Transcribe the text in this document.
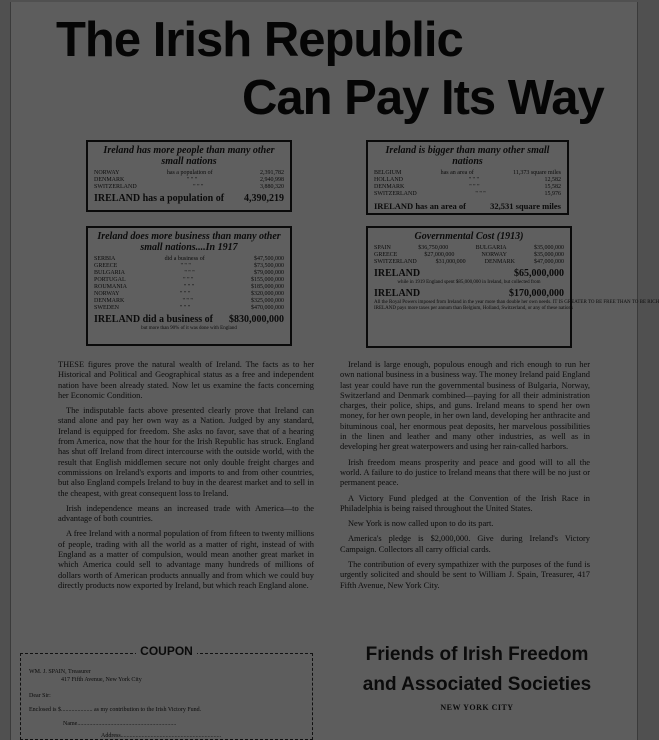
The Irish Republic
Can Pay Its Way
Ireland has more people than many other small nations
NORWAY	has a population of	2,391,782
DENMARK	" " "	2,940,998
SWITZERLAND	" " "	3,880,320
IRELAND has a population of 4,390,219
Ireland is bigger than many other small nations
BELGIUM	has an area of	11,373 square miles
HOLLAND	" " "	12,582
DENMARK	" " "	15,582
SWITZERLAND	" " "	15,976
IRELAND has an area of	32,531 square miles
Ireland does more business than many other small nations....In 1917
SERBIA	did a business of	$47,500,000
GREECE	" " "	$73,500,000
BULGARIA	" " "	$79,000,000
PORTUGAL	" " "	$155,000,000
ROUMANIA	" " "	$185,000,000
NORWAY	" " "	$320,000,000
DENMARK	" " "	$325,000,000
SWEDEN	" " "	$470,000,000
IRELAND did a business of $830,000,000
but more than 90% of it was done with England
Governmental Cost (1913)
SPAIN	$36,750,000	BULGARIA	$35,000,000
GREECE	$27,000,000	NORWAY	$35,000,000
SWITZERLAND	$31,000,000	DENMARK	$47,000,000
IRELAND	$65,000,000
while in 1919 England spent $85,000,000 in Ireland, but collected from
IRELAND	$170,000,000
All the Royal Powers imposed from Ireland in the year more than double her own needs. IT IS GREATER TO BE FREE THAN TO BE RICH
IRELAND pays more taxes per annum than Belgium, Holland, Switzerland, or any of these nations

THESE figures prove the natural wealth of Ireland. The facts as to her Historical and Political and Geographical status as a free and independent nation have been already stated. Now let us examine the facts concerning her Economic Condition.

The indisputable facts above presented clearly prove that Ireland can stand alone and pay her own way as a Nation. Judged by any standard, Ireland is equipped for freedom. She asks no favor, save that of a hearing from America, now that the hour for the Irish Republic has struck. England has shut off Ireland from direct intercourse with the outside world, with the result that English middlemen secure not only double freight charges and commissions on Ireland's exports and imports to and from other countries, but also England compels Ireland to buy in the dearest market and to sell in the cheapest, with great consequent loss to Ireland.

Irish independence means an increased trade with America—to the advantage of both countries.

A free Ireland with a normal population of from fifteen to twenty millions of people, trading with all the world as a matter of right, instead of with England as a matter of compulsion, would mean another great market in which America could sell to advantage many hundreds of millions of dollars worth of American products annually and from which we could buy directly products now exported by Ireland, but which reach England alone.

Ireland is large enough, populous enough and rich enough to run her own national business in a business way. The money Ireland paid England last year could have run the governmental business of Bulgaria, Norway, Switzerland and Denmark combined—paying for all their administration charges, their police, ships, and guns. Ireland means to spend her own money, for her own people, in her own land, developing her anthracite and bituminous coal, her enormous peat deposits, her marvelous possibilities in the linen and leather and many other industries, as well as in developing her great waterpowers and using her rain-called harbors.

Irish freedom means prosperity and peace and good will to all the world. A failure to do justice to Ireland means that there will be no just or permanent peace.

A Victory Fund pledged at the Convention of the Irish Race in Philadelphia is being raised throughout the United States.

New York is now called upon to do its part.

America's pledge is $2,000,000. Give during Ireland's Victory Campaign. Collectors all carry official cards.

The contribution of every sympathizer with the purposes of the fund is urgently solicited and should be sent to William J. Spain, Treasurer, 417 Fifth Avenue, New York City.

COUPON
WM. J. SPAIN, Treasurer
417 Fifth Avenue, New York City
Dear Sir:
Enclosed is $..................... as my contribution to the Irish Victory Fund.
Name..................................................................
Address...................................................................
Friends of Irish Freedom
and Associated Societies
NEW YORK CITY
